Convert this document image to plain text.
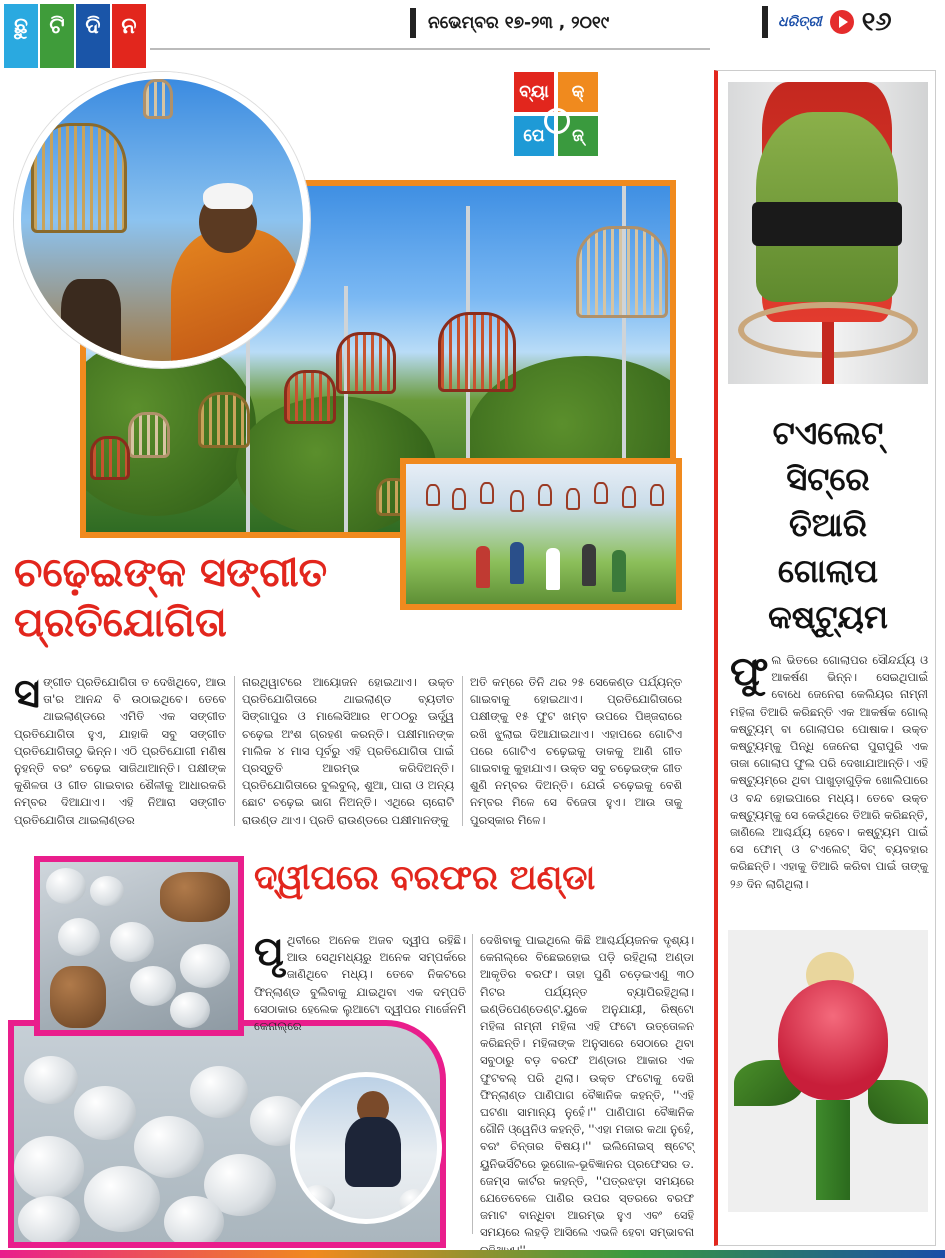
ଛୁ ଟି ଦି ନ	ନଭେମ୍ବର ୧୭-୨୩ , ୨୦୧୯	ଧରିତ୍ରୀ ୧୬
ବ୍ୟା	କ୍
ପେ	ଜ୍
ଚଢ଼େଇଙ୍କ ସଙ୍ଗୀତ
ପ୍ରତିଯୋଗିତା
ସଙ୍ଗୀତ ପ୍ରତିଯୋଗିତା ତ ଦେଖିଥିବେ, ଆଉ ତା'ର ଆନନ୍ଦ ବି ଉଠାଇଥିବେ। ତେବେ ଥାଇଲାଣ୍ଡରେ ଏମିତି ଏକ ସଙ୍ଗୀତ ପ୍ରତିଯୋଗିତା ହୁଏ, ଯାହାକି ସବୁ ସଙ୍ଗୀତ ପ୍ରତିଯୋଗିତାଠୁ ଭିନ୍ନ। ଏଠି ପ୍ରତିଯୋଗୀ ମଣିଷ ନୁହନ୍ତି ବରଂ ଚଢ଼େଇ ସାଜିଥାଆନ୍ତି। ପକ୍ଷୀଙ୍କ କୁଶିଳତା ଓ ଗୀତ ଗାଇବାର ଶୈଳୀକୁ ଆଧାରକରି ନମ୍ବର ଦିଆଯାଏ। ଏହି ନିଆରା ସଙ୍ଗୀତ ପ୍ରତିଯୋଗିତା ଥାଇଲାଣ୍ଡର
ନାରଥିୱାଟରେ ଆୟୋଜନ ହୋଇଥାଏ। ଉକ୍ତ ପ୍ରତିଯୋଗିତାରେ ଥାଇଲାଣ୍ଡ ବ୍ୟତୀତ ସିଙ୍ଗାପୁର ଓ ମାଲେସିଆର ୧୮୦୦ରୁ ଊର୍ଦ୍ଧ୍ୱ ଚଢ଼େଇ ଅଂଶ ଗ୍ରହଣ କରନ୍ତି। ପକ୍ଷୀମାନଙ୍କ ମାଲିକ ୪ ମାସ ପୂର୍ବରୁ ଏହି ପ୍ରତିଯୋଗିତା ପାଇଁ ପ୍ରସ୍ତୁତି ଆରମ୍ଭ କରିଦିଅନ୍ତି। ପ୍ରତିଯୋଗିତାରେ ବୁଲବୁଲ୍, ଶୁଆ, ପାରା ଓ ଅନ୍ୟ ଛୋଟ ଚଢ଼େଇ ଭାଗ ନିଅନ୍ତି। ଏଥିରେ ଚାରୋଟି ରାଉଣ୍ଡ ଥାଏ। ପ୍ରତି ରାଉଣ୍ଡରେ ପକ୍ଷୀମାନଙ୍କୁ
ଅତି କମ୍‌ରେ ତିନି ଥର ୨୫ ସେକେଣ୍ଡ ପର୍ଯ୍ୟନ୍ତ ଗାଇବାକୁ ହୋଇଥାଏ। ପ୍ରତିଯୋଗିତାରେ ପକ୍ଷୀଙ୍କୁ ୧୫ ଫୁଟ ଖମ୍ବ ଉପରେ ପିଞ୍ଜରାରେ ରଖି ଝୁଲାଇ ଦିଆଯାଇଥାଏ। ଏହାପରେ ଗୋଟିଏ ପରେ ଗୋଟିଏ ଚଢ଼େଇକୁ ଡାକକୁ ଆଣି ଗୀତ ଗାଇବାକୁ କୁହାଯାଏ। ଉକ୍ତ ସବୁ ଚଢ଼େଇଙ୍କ ଗୀତ ଶୁଣି ନମ୍ବର ଦିଅନ୍ତି। ଯେଉଁ ଚଢ଼େଇକୁ ବେଶି ନମ୍ବର ମିଳେ ସେ ବିଜେତା ହୁଏ। ଆଉ ତାକୁ ପୁରସ୍କାର ମିଳେ।
ଦ୍ୱୀପରେ ବରଫର ଅଣ୍ଡା
ପୃଥିବୀରେ ଅନେକ ଅଜବ ଦ୍ୱୀପ ରହିଛି। ଆଉ ସେଥିମଧ୍ୟରୁ ଅନେକ ସମ୍ପର୍କରେ ଜାଣିଥିବେ ମଧ୍ୟ। ତେବେ ନିକଟରେ ଫିନ୍‌ଲାଣ୍ଡ ବୁଲିବାକୁ ଯାଇଥିବା ଏକ ଦମ୍ପତି ସେଠାକାର ହେଲେକ ଲୁଆଟୋ ଦ୍ୱୀପର ମାର୍ଜେନମି କେନାଲ୍‌ରେ
ଦେଖିବାକୁ ପାଇଥିଲେ କିଛି ଆଶ୍ଚର୍ଯ୍ୟଜନକ ଦୃଶ୍ୟ। କେନାଲ୍‌ରେ ବିଛେଇହୋଇ ପଡ଼ି ରହିଥିଲା ଅଣ୍ଡା ଆକୃତିର ବରଫ। ତାହା ପୁଣି ଚଡ଼େଇଏଣୁ ୩୦ ମିଟର ପର୍ଯ୍ୟନ୍ତ ବ୍ୟାପିରହିଥିଲା। ଇଣ୍ଡିପେଣ୍ଡେଣ୍ଟ.ୟୁକେ ଅନୁଯାୟୀ, ରିଷ୍ଟୋ ମହିଳା ନାମ୍ନୀ ମହିଳା ଏହି ଫଟୋ ଉତ୍ତୋଳନ କରିଛନ୍ତି। ମହିଳାଙ୍କ ଅନୁସାରେ ସେଠାରେ ଥିବା ସବୁଠାରୁ ବଡ଼ ବରଫ ଅଣ୍ଡାର ଆକାର ଏକ ଫୁଟବଲ୍ ପରି ଥିଲା। ଉକ୍ତ ଫଟୋକୁ ଦେଖି ଫିନ୍‌ଲାଣ୍ଡ ପାଣିପାଗ ବୈଜ୍ଞାନିକ କହନ୍ତି, ''ଏହି ଘଟଣା ସାମାନ୍ୟ ନୁହେଁ।'' ପାଣିପାଗ ବୈଜ୍ଞାନିକ ଗୌନି ଓ୍ୱେନିଓ କହନ୍ତି, ''ଏହା ମଜାର କଥା ନୁହେଁ, ବରଂ ଚିନ୍ତାର ବିଷୟ।'' ଇଲିନୋଇସ୍ ଷ୍ଟେଟ୍ ୟୁନିଭର୍ସିଟିରେ ଭୂଗୋଳ-ଭୂବିଜ୍ଞାନର ପ୍ରଫେସର ଡ. ଜେମ୍ସ କାର୍ଟର କହନ୍ତି, ''ପତ୍ରଝଡ଼ା ସମୟରେ ଯେତେବେଳେ ପାଣିର ଉପର ସ୍ତରରେ ବରଫ ଜମାଟ ବାନ୍ଧିବା ଆରମ୍ଭ ହୁଏ ଏବଂ ସେହି ସମୟରେ ଲହଡ଼ି ଆସିଲେ ଏଭଳି ହେବା ସମ୍ଭାବନା
ଟଏଲେଟ୍
ସିଟ୍‌ରେ
ତିଆରି
ଗୋଲାପ
କଷ୍ଟ୍ୟୁମ
ଫୁଲ ଭିତରେ ଗୋଲାପର ସୌନ୍ଦର୍ଯ୍ୟ ଓ ଆକର୍ଷଣ ଭିନ୍ନ। ସେଇଥିପାଇଁ ବୋଧେ ଜେନେରା କେଲିୟର ନାମ୍ନୀ ମହିଳା ତିଆରି କରିଛନ୍ତି ଏକ ଆକର୍ଷକ ଗୋଲ୍ କଷ୍ଟ୍ୟୁମ୍ ବା ଗୋଲାପର ପୋଷାକ। ଉକ୍ତ କଷ୍ଟ୍ୟୁମ୍‌କୁ ପିନ୍ଧି ଜେନେରା ପୁରାପୁରି ଏକ ତାଜା ଗୋଲାପ ଫୁଲ ପରି ଦେଖାଯାଆନ୍ତି। ଏହି କଷ୍ଟ୍ୟୁମ୍‌ରେ ଥିବା ପାଖୁଡ଼ାଗୁଡ଼ିକ ଖୋଲିପାରେ ଓ ବନ୍ଦ ହୋଇପାରେ ମଧ୍ୟ। ତେବେ ଉକ୍ତ କଷ୍ଟ୍ୟୁମ୍‌କୁ ସେ କେଉଁଥିରେ ତିଆରି କରିଛନ୍ତି, ଜାଣିଲେ ଆଶ୍ଚର୍ଯ୍ୟ ହେବେ। କଷ୍ଟ୍ୟୁମ ପାଇଁ ସେ ଫୋମ୍ ଓ ଟଏଲେଟ୍ ସିଟ୍ ବ୍ୟବହାର କରିଛନ୍ତି। ଏହାକୁ ତିଆରି କରିବା ପାଇଁ ତାଙ୍କୁ ୨୬ ଦିନ ଲାଗିଥିଲା।
